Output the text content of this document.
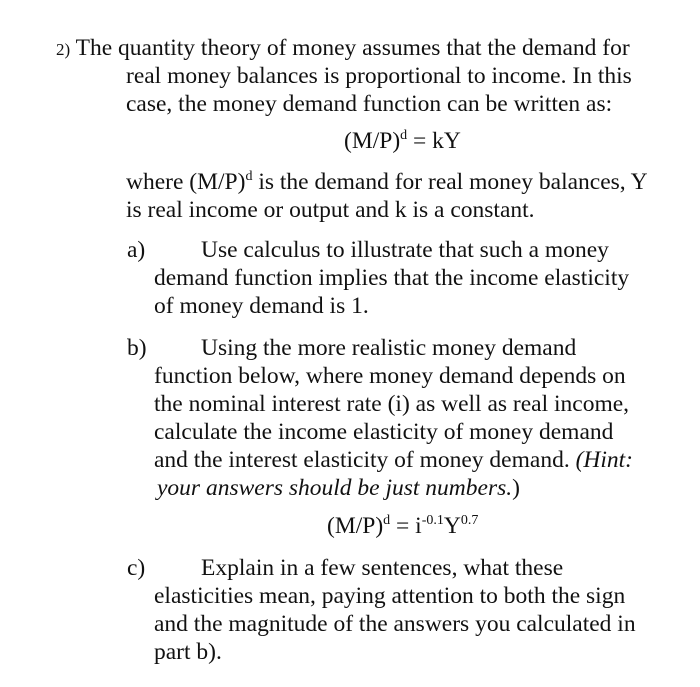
2) The quantity theory of money assumes that the demand for
real money balances is proportional to income. In this
case, the money demand function can be written as:
$(M/P)^d$ = kY
where $(M/P)^d$ is the demand for real money balances, Y
is real income or output and k is a constant.
a) Use calculus to illustrate that such a money
demand function implies that the income elasticity
of money demand is 1.
b) Using the more realistic money demand
function below, where money demand depends on
the nominal interest rate (i) as well as real income,
calculate the income elasticity of money demand
and the interest elasticity of money demand. (Hint:
your answers should be just numbers.)
$(M/P)^d = i^{-0.1}Y^{0.7}$
c) Explain in a few sentences, what these
elasticities mean, paying attention to both the sign
and the magnitude of the answers you calculated in
part b).
